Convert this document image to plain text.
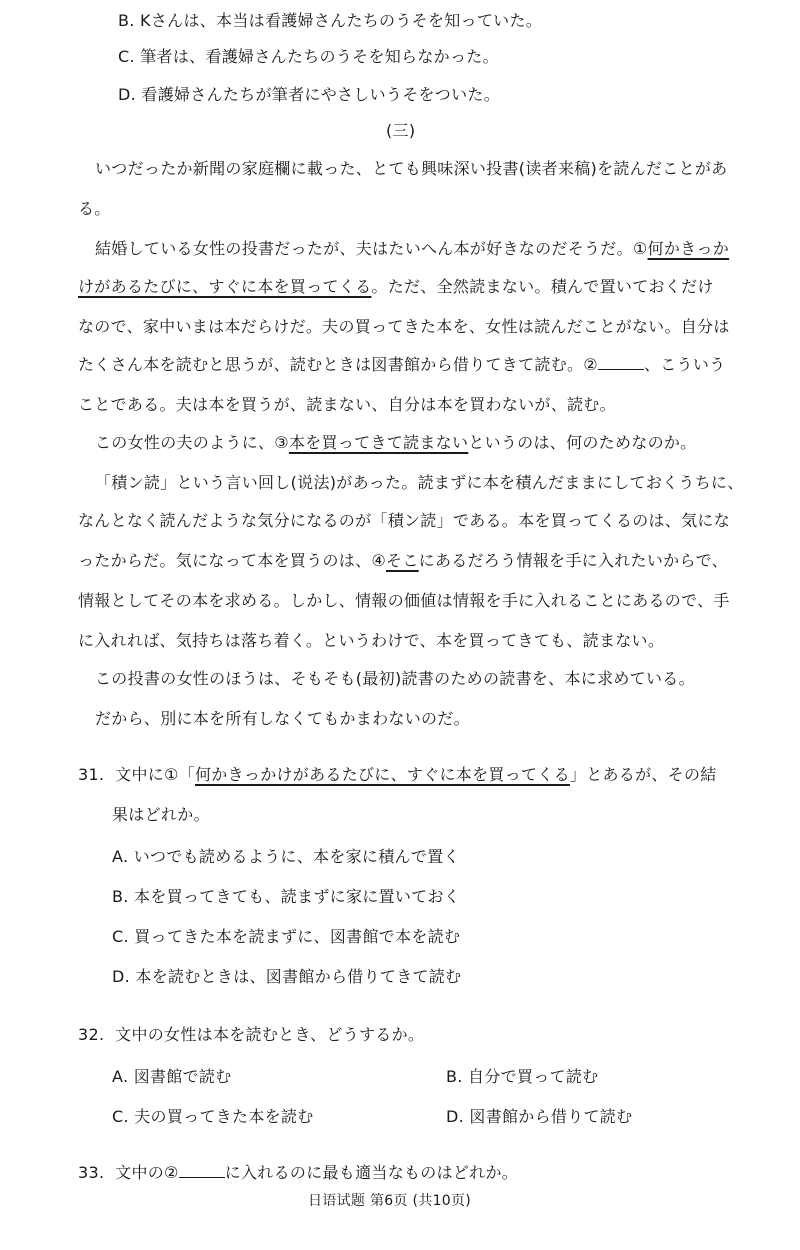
B. Kさんは、本当は看護婦さんたちのうそを知っていた。
C. 筆者は、看護婦さんたちのうそを知らなかった。
D. 看護婦さんたちが筆者にやさしいうそをついた。
(三)
いつだったか新聞の家庭欄に載った、とても興味深い投書(读者来稿)を読んだことがあ
る。
結婚している女性の投書だったが、夫はたいへん本が好きなのだそうだ。①何かきっか
けがあるたびに、すぐに本を買ってくる。ただ、全然読まない。積んで置いておくだけ
なので、家中いまは本だらけだ。夫の買ってきた本を、女性は読んだことがない。自分は
たくさん本を読むと思うが、読むときは図書館から借りてきて読む。②	、こういう
ことである。夫は本を買うが、読まない、自分は本を買わないが、読む。
この女性の夫のように、③本を買ってきて読まないというのは、何のためなのか。
「積ン読」という言い回し(说法)があった。読まずに本を積んだままにしておくうちに、
なんとなく読んだような気分になるのが「積ン読」である。本を買ってくるのは、気にな
ったからだ。気になって本を買うのは、④そこにあるだろう情報を手に入れたいからで、
情報としてその本を求める。しかし、情報の価値は情報を手に入れることにあるので、手
に入れれば、気持ちは落ち着く。というわけで、本を買ってきても、読まない。
この投書の女性のほうは、そもそも(最初)読書のための読書を、本に求めている。
だから、別に本を所有しなくてもかまわないのだ。
31. 文中に①「何かきっかけがあるたびに、すぐに本を買ってくる」とあるが、その結
果はどれか。
A. いつでも読めるように、本を家に積んで置く
B. 本を買ってきても、読まずに家に置いておく
C. 買ってきた本を読まずに、図書館で本を読む
D. 本を読むときは、図書館から借りてきて読む
32. 文中の女性は本を読むとき、どうするか。
A. 図書館で読む	B. 自分で買って読む
C. 夫の買ってきた本を読む	D. 図書館から借りて読む
33. 文中の②	に入れるのに最も適当なものはどれか。
日语试题 第6页 (共10页)
